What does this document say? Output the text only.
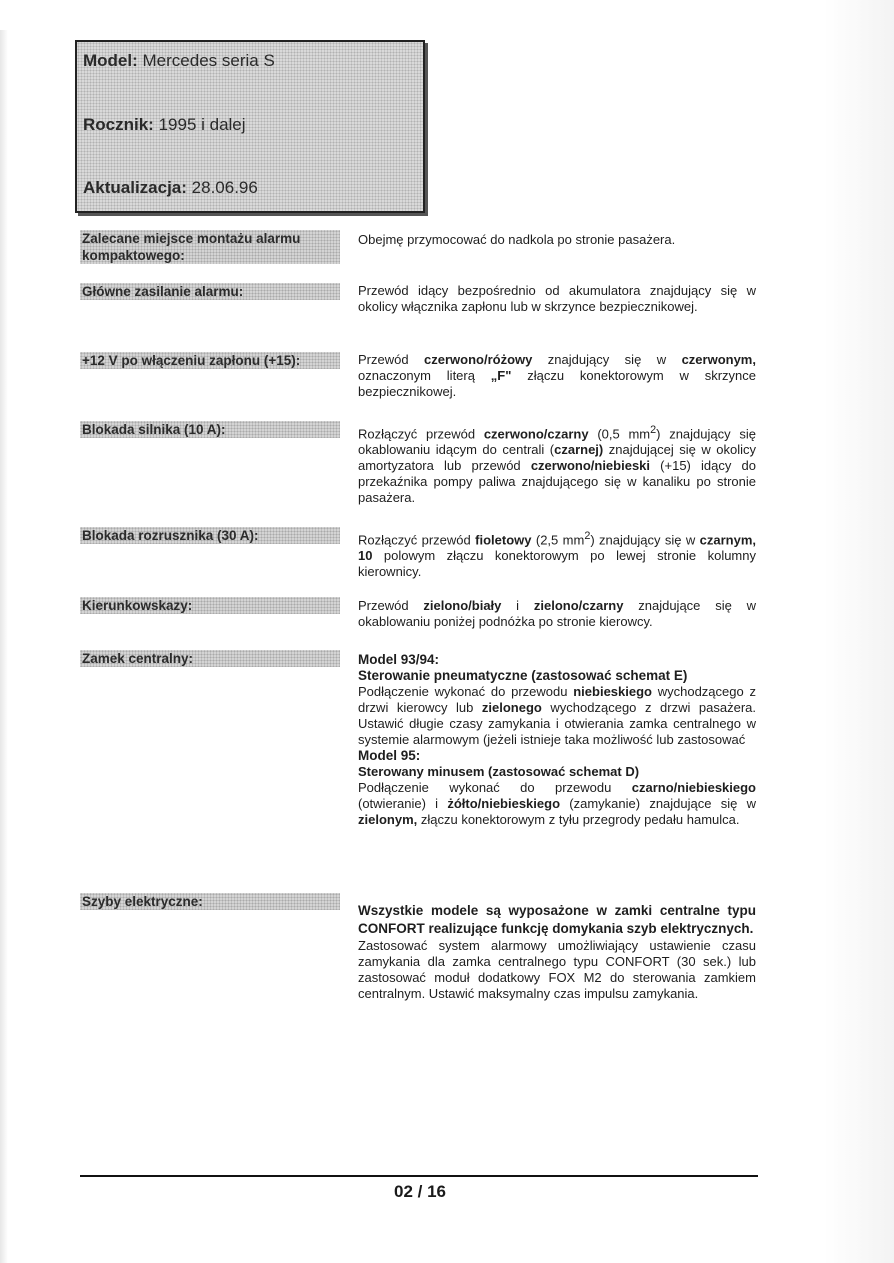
Model: Mercedes seria S
Rocznik: 1995 i dalej
Aktualizacja: 28.06.96
Zalecane miejsce montażu alarmu kompaktowego:
Obejmę przymocować do nadkola po stronie pasażera.
Główne zasilanie alarmu:	Przewód idący bezpośrednio od akumulatora znajdujący się w okolicy włącznika zapłonu lub w skrzynce bezpiecznikowej.
+12 V po włączeniu zapłonu (+15):	Przewód czerwono/różowy znajdujący się w czerwonym, oznaczonym literą „F" złączu konektorowym w skrzynce bezpiecznikowej.
Blokada silnika (10 A):	Rozłączyć przewód czerwono/czarny (0,5 $mm^2$) znajdujący się okablowaniu idącym do centrali (czarnej) znajdującej się w okolicy amortyzatora lub przewód czerwono/niebieski (+15) idący do przekaźnika pompy paliwa znajdującego się w kanaliku po stronie pasażera.
Blokada rozrusznika (30 A):	Rozłączyć przewód fioletowy (2,5 $mm^2$) znajdujący się w czarnym, 10 polowym złączu konektorowym po lewej stronie kolumny kierownicy.
Kierunkowskazy:	Przewód zielono/biały i zielono/czarny znajdujące się w okablowaniu poniżej podnóżka po stronie kierowcy.
Zamek centralny:	Model 93/94:
Sterowanie pneumatyczne (zastosować schemat E)
Podłączenie wykonać do przewodu niebieskiego wychodzącego z drzwi kierowcy lub zielonego wychodzącego z drzwi pasażera. Ustawić długie czasy zamykania i otwierania zamka centralnego w systemie alarmowym (jeżeli istnieje taka możliwość lub zastosować
Model 95:
Sterowany minusem (zastosować schemat D)
Podłączenie wykonać do przewodu czarno/niebieskiego (otwieranie) i żółto/niebieskiego (zamykanie) znajdujące się w zielonym, złączu konektorowym z tyłu przegrody pedału hamulca.
Szyby elektryczne:
Wszystkie modele są wyposażone w zamki centralne typu CONFORT realizujące funkcję domykania szyb elektrycznych.
Zastosować system alarmowy umożliwiający ustawienie czasu zamykania dla zamka centralnego typu CONFORT (30 sek.) lub zastosować moduł dodatkowy FOX M2 do sterowania zamkiem centralnym. Ustawić maksymalny czas impulsu zamykania.
02 / 16
